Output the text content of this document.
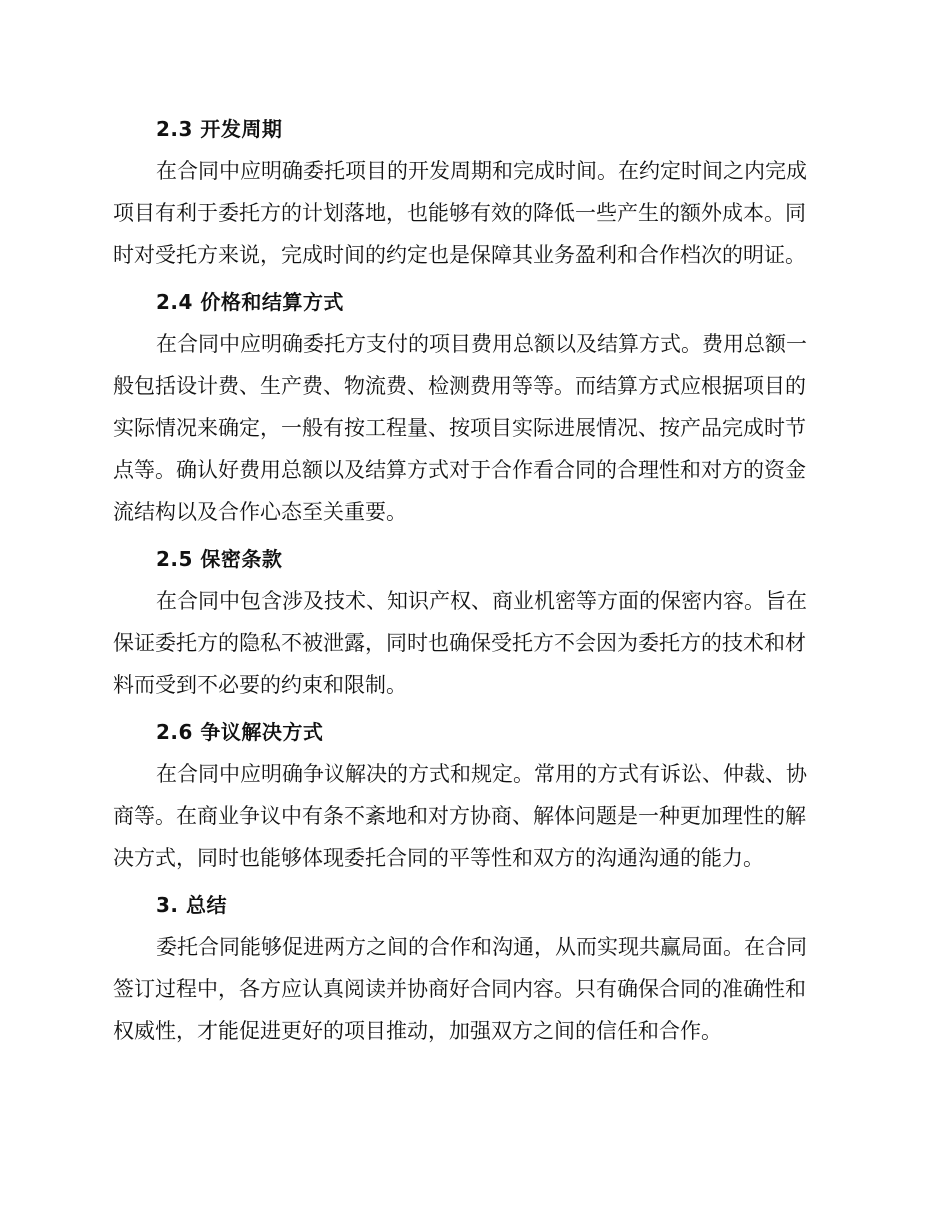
2.3 开发周期

在合同中应明确委托项目的开发周期和完成时间。在约定时间之内完成
项目有利于委托方的计划落地，也能够有效的降低一些产生的额外成本。同
时对受托方来说，完成时间的约定也是保障其业务盈利和合作档次的明证。

2.4 价格和结算方式

在合同中应明确委托方支付的项目费用总额以及结算方式。费用总额一
般包括设计费、生产费、物流费、检测费用等等。而结算方式应根据项目的
实际情况来确定，一般有按工程量、按项目实际进展情况、按产品完成时节
点等。确认好费用总额以及结算方式对于合作看合同的合理性和对方的资金
流结构以及合作心态至关重要。

2.5 保密条款

在合同中包含涉及技术、知识产权、商业机密等方面的保密内容。旨在
保证委托方的隐私不被泄露，同时也确保受托方不会因为委托方的技术和材
料而受到不必要的约束和限制。

2.6 争议解决方式

在合同中应明确争议解决的方式和规定。常用的方式有诉讼、仲裁、协
商等。在商业争议中有条不紊地和对方协商、解体问题是一种更加理性的解
决方式，同时也能够体现委托合同的平等性和双方的沟通沟通的能力。

3. 总结

委托合同能够促进两方之间的合作和沟通，从而实现共赢局面。在合同
签订过程中，各方应认真阅读并协商好合同内容。只有确保合同的准确性和
权威性，才能促进更好的项目推动，加强双方之间的信任和合作。
